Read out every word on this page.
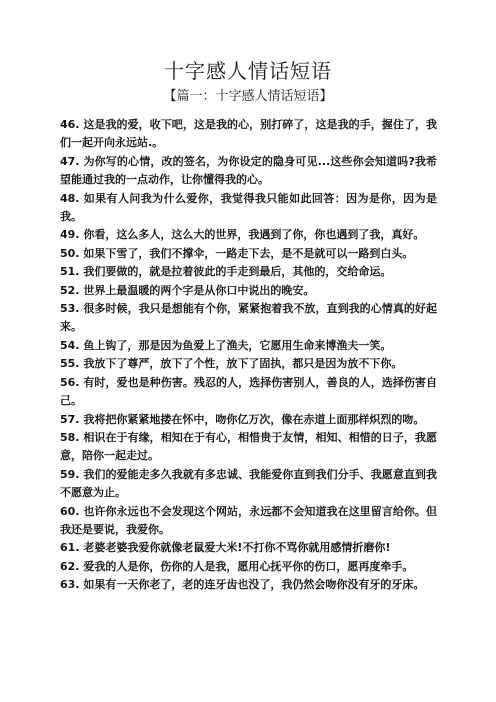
十字感人情话短语
【篇一：十字感人情话短语】

46. 这是我的爱，收下吧，这是我的心，别打碎了，这是我的手，握住了，我们一起开向永远站.。

47. 为你写的心情，改的签名，为你设定的隐身可见...这些你会知道吗?我希望能通过我的一点动作，让你懂得我的心。

48. 如果有人问我为什么爱你，我觉得我只能如此回答：因为是你，因为是我。

49. 你看，这么多人，这么大的世界，我遇到了你，你也遇到了我，真好。

50. 如果下雪了，我们不撑伞，一路走下去，是不是就可以一路到白头。

51. 我们要做的，就是拉着彼此的手走到最后，其他的，交给命运。

52. 世界上最温暖的两个字是从你口中说出的晚安。

53. 很多时候，我只是想能有个你，紧紧抱着我不放，直到我的心情真的好起来。

54. 鱼上钩了，那是因为鱼爱上了渔夫，它愿用生命来博渔夫一笑。

55. 我放下了尊严，放下了个性，放下了固执，都只是因为放不下你。

56. 有时，爱也是种伤害。残忍的人，选择伤害别人，善良的人，选择伤害自己。

57. 我将把你紧紧地搂在怀中，吻你亿万次，像在赤道上面那样炽烈的吻。

58. 相识在于有缘，相知在于有心，相惜贵于友情，相知、相惜的日子，我愿意，陪你一起走过。

59. 我们的爱能走多久我就有多忠诚、我能爱你直到我们分手、我愿意直到我不愿意为止。

60. 也许你永远也不会发现这个网站，永远都不会知道我在这里留言给你。但我还是要说，我爱你。

61. 老婆老婆我爱你就像老鼠爱大米!不打你不骂你就用感情折磨你!

62. 爱我的人是你，伤你的人是我，愿用心抚平你的伤口，愿再度牵手。

63. 如果有一天你老了，老的连牙齿也没了，我仍然会吻你没有牙的牙床。
